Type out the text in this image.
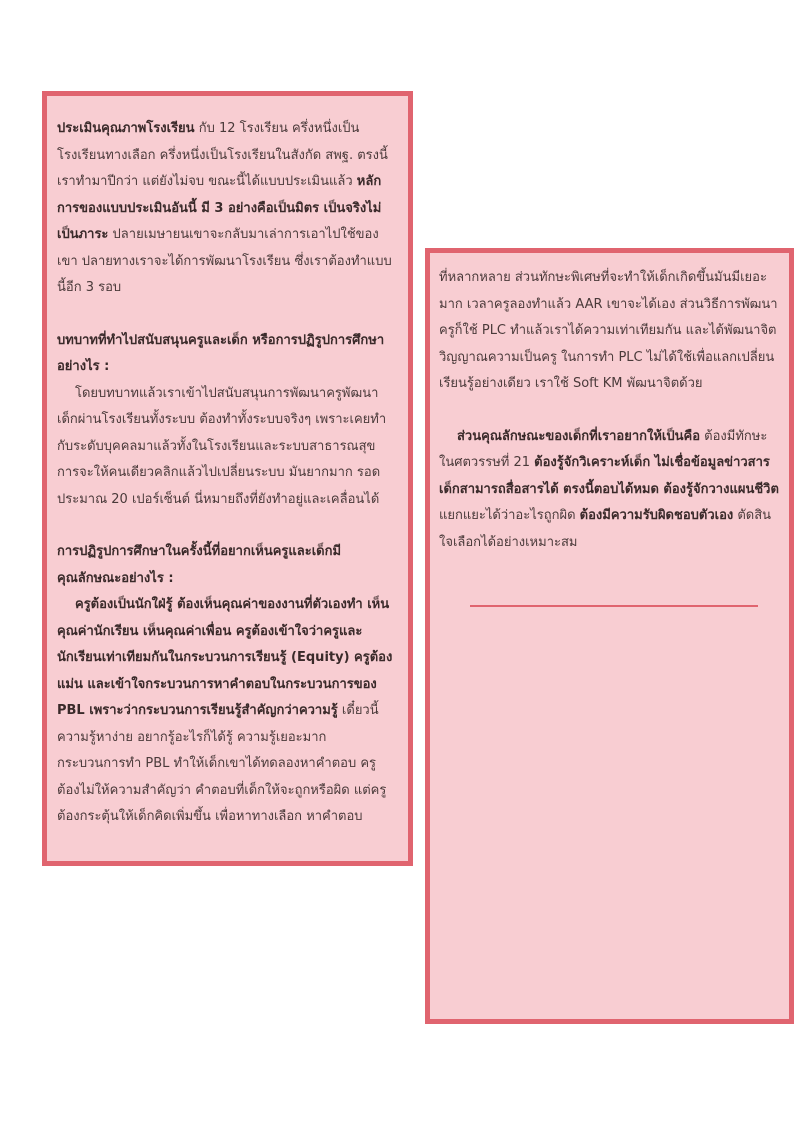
ประเมินคุณภาพโรงเรียน กับ 12 โรงเรียน ครึ่งหนึ่งเป็นโรงเรียนทางเลือก ครึ่งหนึ่งเป็นโรงเรียนในสังกัด สพฐ. ตรงนี้เราทำมาปีกว่า แต่ยังไม่จบ ขณะนี้ได้แบบประเมินแล้ว หลักการของแบบประเมินอันนี้ มี 3 อย่างคือเป็นมิตร เป็นจริงไม่เป็นภาระ ปลายเมษายนเขาจะกลับมาเล่าการเอาไปใช้ของเขา ปลายทางเราจะได้การพัฒนาโรงเรียน ซึ่งเราต้องทำแบบนี้อีก 3 รอบ

บทบาทที่ทำไปสนับสนุนครูและเด็ก หรือการปฏิรูปการศึกษาอย่างไร :

โดยบทบาทแล้วเราเข้าไปสนับสนุนการพัฒนาครูพัฒนาเด็กผ่านโรงเรียนทั้งระบบ ต้องทำทั้งระบบจริงๆ เพราะเคยทำกับระดับบุคคลมาแล้วทั้งในโรงเรียนและระบบสาธารณสุข การจะให้คนเดียวคลิกแล้วไปเปลี่ยนระบบ มันยากมาก รอดประมาณ 20 เปอร์เซ็นต์ นี่หมายถึงที่ยังทำอยู่และเคลื่อนได้

การปฏิรูปการศึกษาในครั้งนี้ที่อยากเห็นครูและเด็กมีคุณลักษณะอย่างไร :

ครูต้องเป็นนักใฝ่รู้ ต้องเห็นคุณค่าของงานที่ตัวเองทำ เห็นคุณค่านักเรียน เห็นคุณค่าเพื่อน ครูต้องเข้าใจว่าครูและนักเรียนเท่าเทียมกันในกระบวนการเรียนรู้ (Equity) ครูต้องแม่น และเข้าใจกระบวนการหาคำตอบในกระบวนการของ PBL เพราะว่ากระบวนการเรียนรู้สำคัญกว่าความรู้ เดี๋ยวนี้ความรู้หาง่าย อยากรู้อะไรก็ได้รู้ ความรู้เยอะมาก กระบวนการทำ PBL ทำให้เด็กเขาได้ทดลองหาคำตอบ ครูต้องไม่ให้ความสำคัญว่า คำตอบที่เด็กให้จะถูกหรือผิด แต่ครูต้องกระตุ้นให้เด็กคิดเพิ่มขึ้น เพื่อหาทางเลือก หาคำตอบ

ที่หลากหลาย ส่วนทักษะพิเศษที่จะทำให้เด็กเกิดขึ้นมันมีเยอะมาก เวลาครูลองทำแล้ว AAR เขาจะได้เอง ส่วนวิธีการพัฒนาครูก็ใช้ PLC ทำแล้วเราได้ความเท่าเทียมกัน และได้พัฒนาจิตวิญญาณความเป็นครู ในการทำ PLC ไม่ได้ใช้เพื่อแลกเปลี่ยนเรียนรู้อย่างเดียว เราใช้ Soft KM พัฒนาจิตด้วย

ส่วนคุณลักษณะของเด็กที่เราอยากให้เป็นคือ ต้องมีทักษะในศตวรรษที่ 21 ต้องรู้จักวิเคราะห์เด็ก ไม่เชื่อข้อมูลข่าวสาร เด็กสามารถสื่อสารได้ ตรงนี้ตอบได้หมด ต้องรู้จักวางแผนชีวิต แยกแยะได้ว่าอะไรถูกผิด ต้องมีความรับผิดชอบตัวเอง ตัดสินใจเลือกได้อย่างเหมาะสม
